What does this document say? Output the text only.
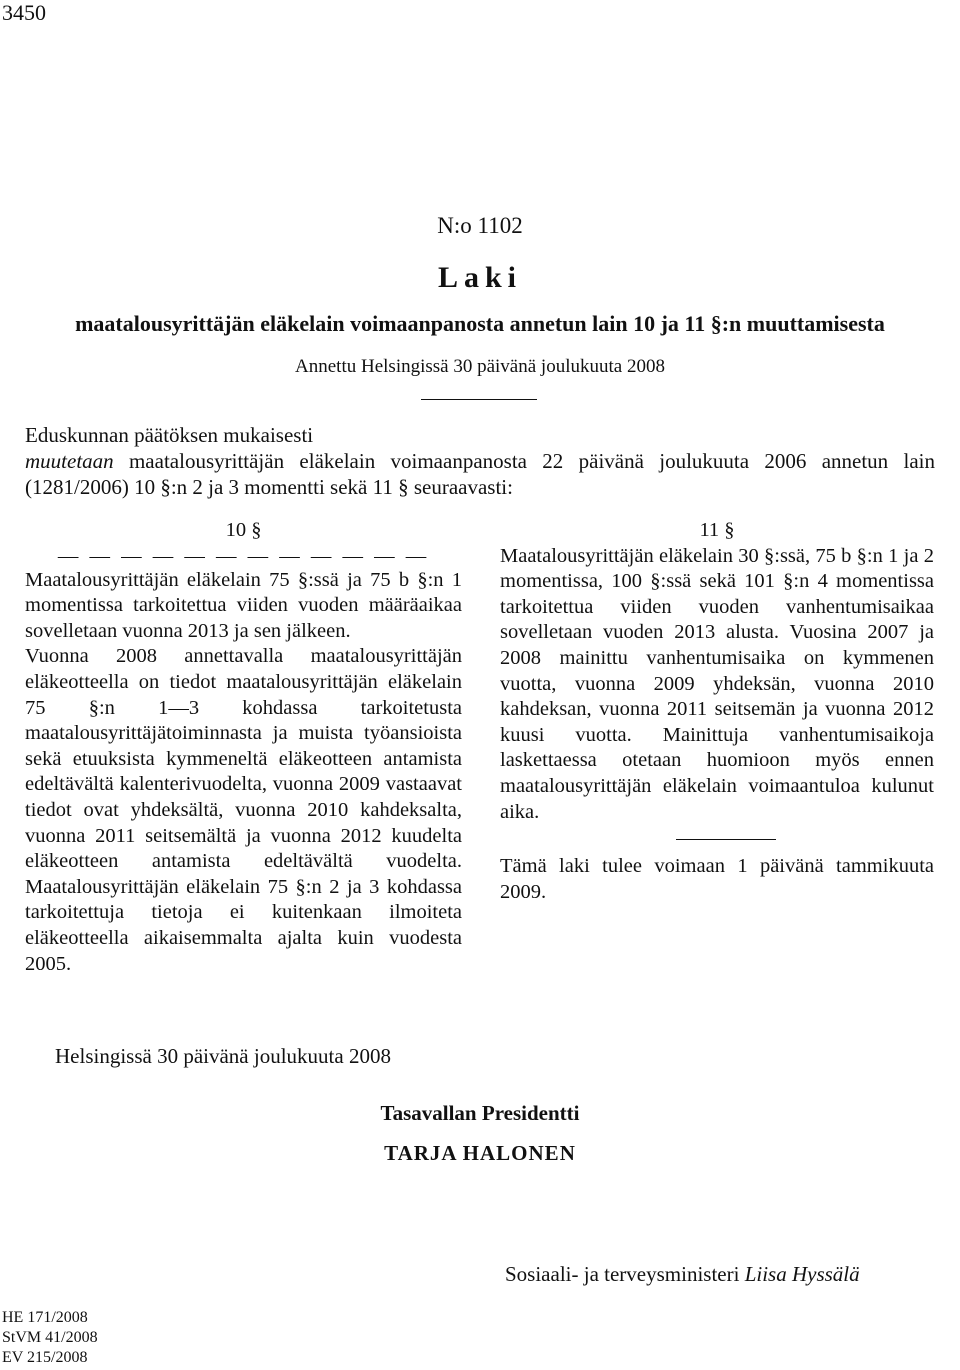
3450
N:o 1102
Laki
maatalousyrittäjän eläkelain voimaanpanosta annetun lain 10 ja 11 §:n muuttamisesta
Annettu Helsingissä 30 päivänä joulukuuta 2008
Eduskunnan päätöksen mukaisesti
muutetaan maatalousyrittäjän eläkelain voimaanpanosta 22 päivänä joulukuuta 2006 annetun lain (1281/2006) 10 §:n 2 ja 3 momentti sekä 11 § seuraavasti:
10 §
— — — — — — — — — — — —

Maatalousyrittäjän eläkelain 75 §:ssä ja 75 b §:n 1 momentissa tarkoitettua viiden vuoden määräaikaa sovelletaan vuonna 2013 ja sen jälkeen.

Vuonna 2008 annettavalla maatalousyrittäjän eläkeotteella on tiedot maatalousyrittäjän eläkelain 75 §:n 1—3 kohdassa tarkoitetusta maatalousyrittäjätoiminnasta ja muista työansioista sekä etuuksista kymmeneltä eläkeotteen antamista edeltävältä kalenterivuodelta, vuonna 2009 vastaavat tiedot ovat yhdeksältä, vuonna 2010 kahdeksalta, vuonna 2011 seitsemältä ja vuonna 2012 kuudelta eläkeotteen antamista edeltävältä vuodelta. Maatalousyrittäjän eläkelain 75 §:n 2 ja 3 kohdassa tarkoitettuja tietoja ei kuitenkaan ilmoiteta eläkeotteella aikaisemmalta ajalta kuin vuodesta 2005.

11 §

Maatalousyrittäjän eläkelain 30 §:ssä, 75 b §:n 1 ja 2 momentissa, 100 §:ssä sekä 101 §:n 4 momentissa tarkoitettua viiden vuoden vanhentumisaikaa sovelletaan vuoden 2013 alusta. Vuosina 2007 ja 2008 mainittu vanhentumisaika on kymmenen vuotta, vuonna 2009 yhdeksän, vuonna 2010 kahdeksan, vuonna 2011 seitsemän ja vuonna 2012 kuusi vuotta. Mainittuja vanhentumisaikoja laskettaessa otetaan huomioon myös ennen maatalousyrittäjän eläkelain voimaantuloa kulunut aika.

Tämä laki tulee voimaan 1 päivänä tammikuuta 2009.

Helsingissä 30 päivänä joulukuuta 2008
Tasavallan Presidentti
TARJA HALONEN
Sosiaali- ja terveysministeri Liisa Hyssälä
HE 171/2008
StVM 41/2008
EV 215/2008
